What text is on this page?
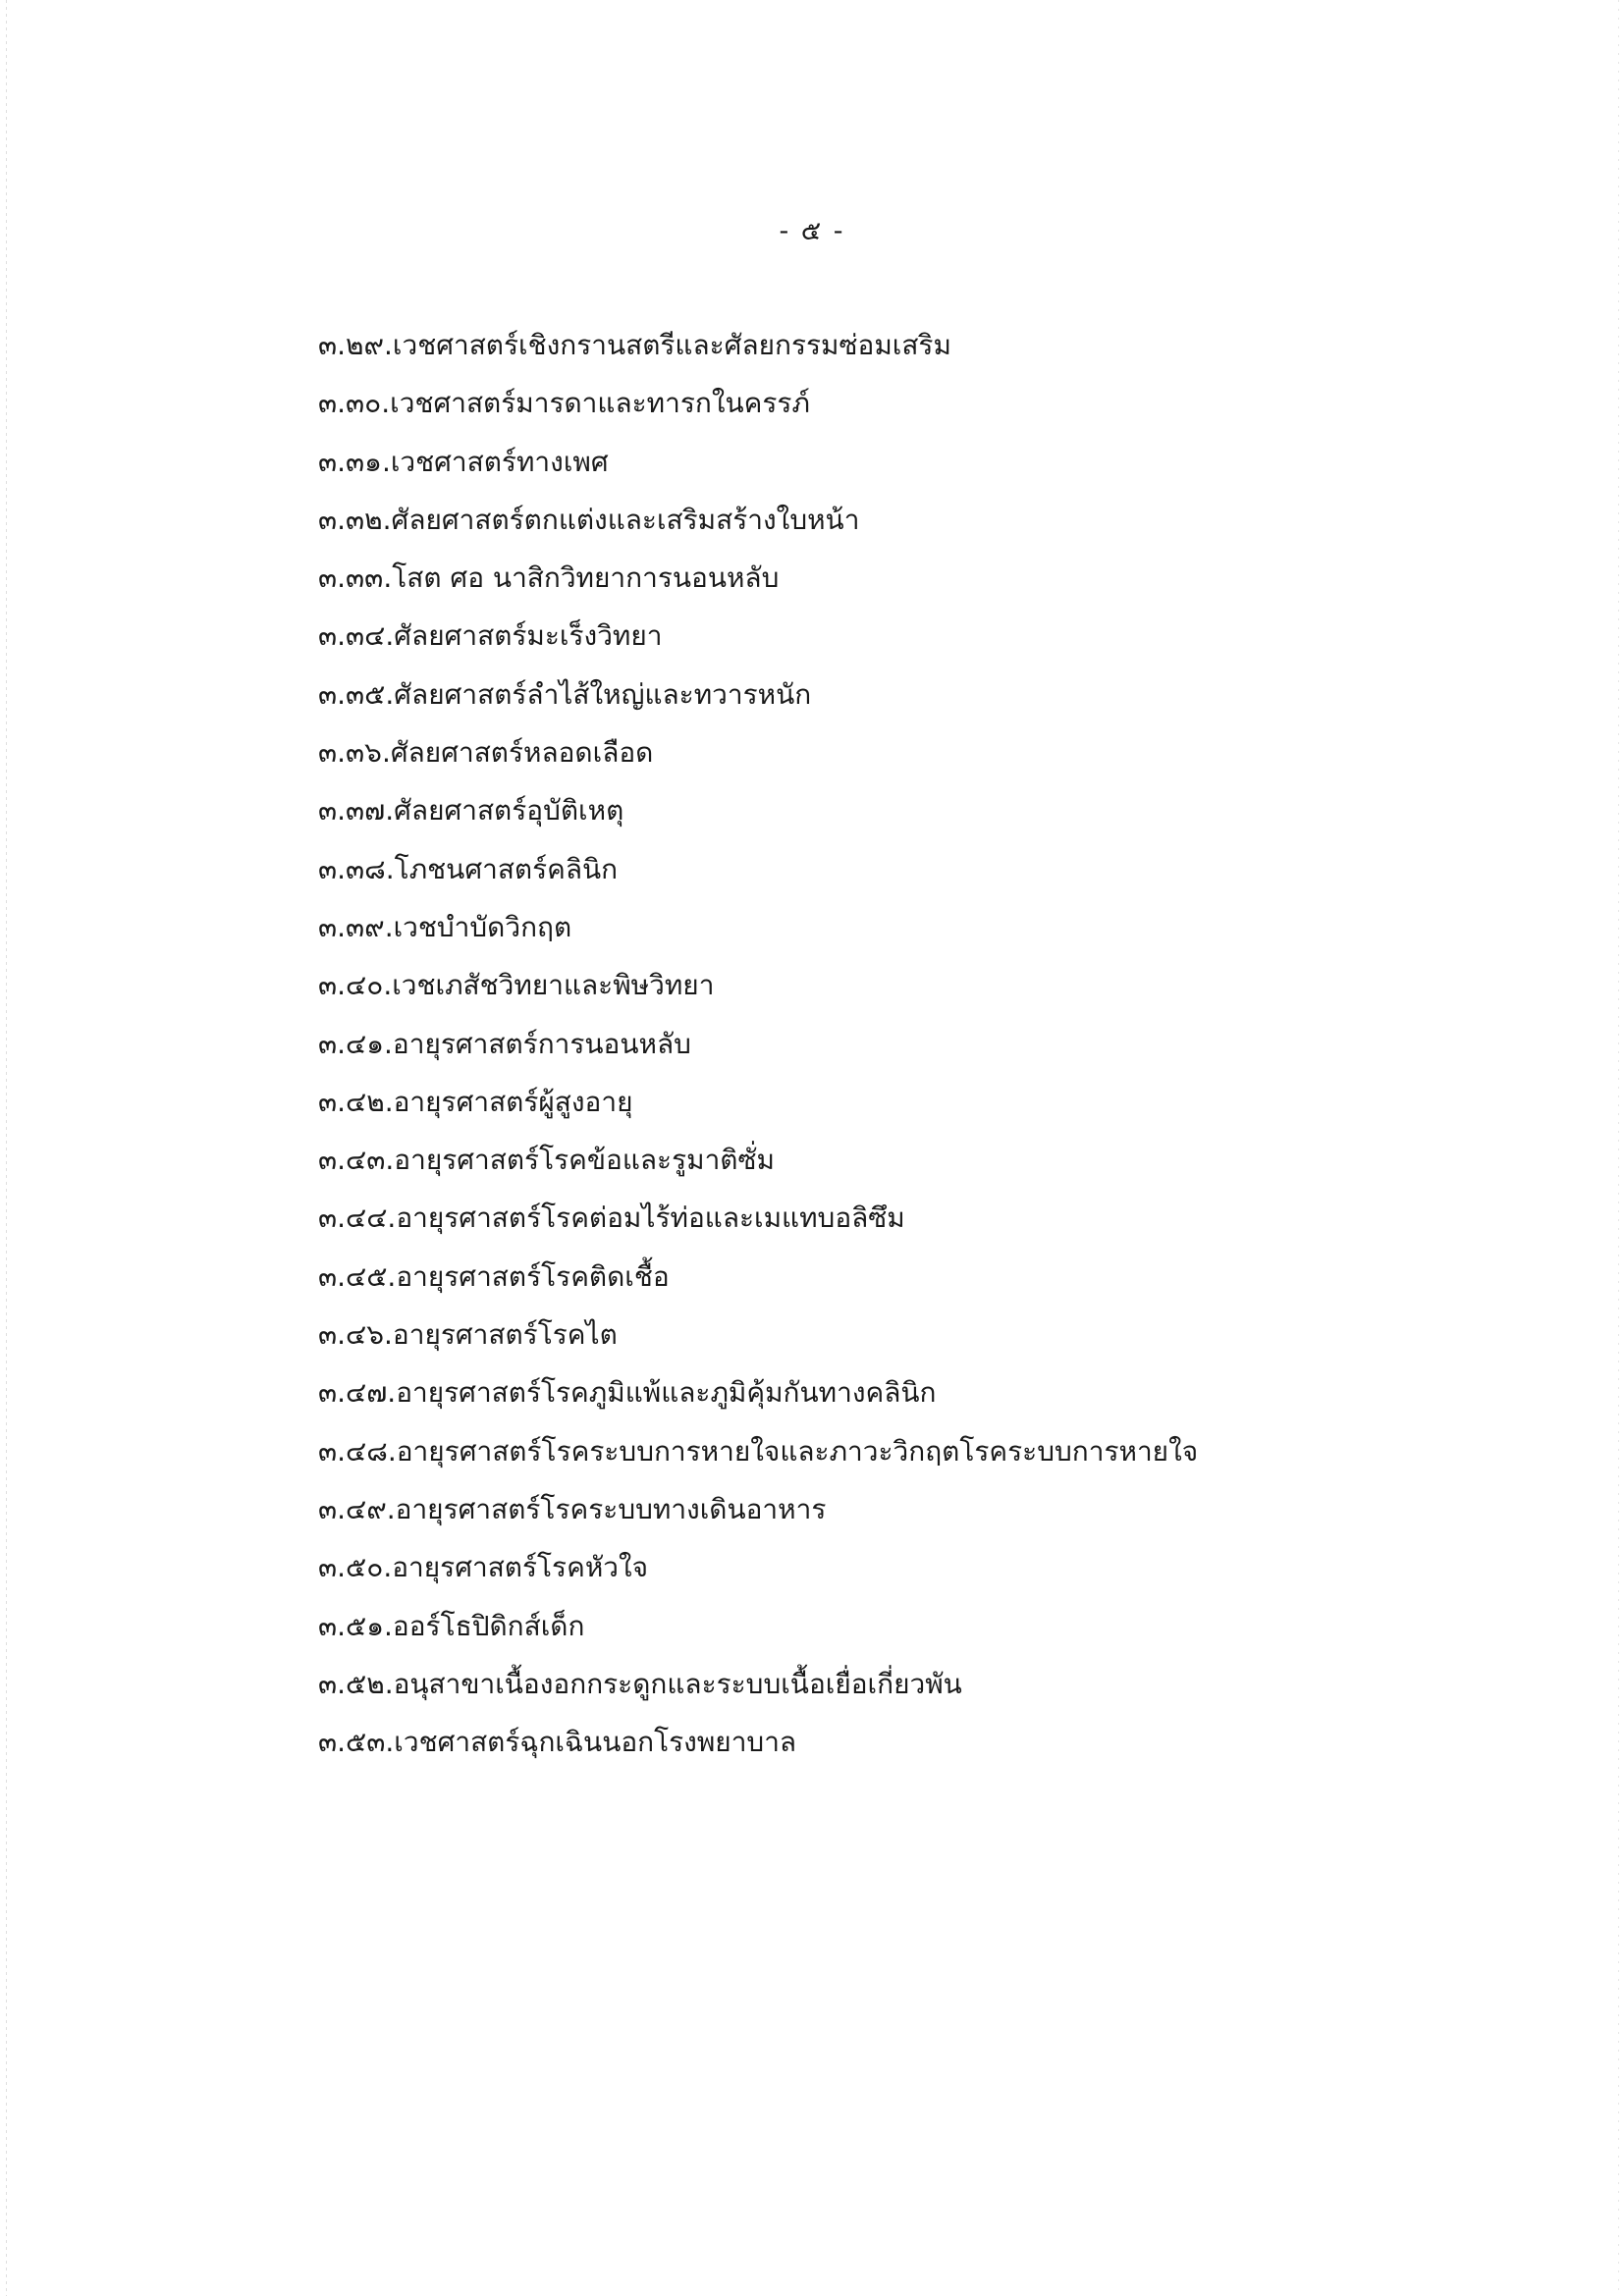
- ๕ -
๓.๒๙.เวชศาสตร์เชิงกรานสตรีและศัลยกรรมซ่อมเสริม
๓.๓๐.เวชศาสตร์มารดาและทารกในครรภ์
๓.๓๑.เวชศาสตร์ทางเพศ
๓.๓๒.ศัลยศาสตร์ตกแต่งและเสริมสร้างใบหน้า
๓.๓๓.โสต ศอ นาสิกวิทยาการนอนหลับ
๓.๓๔.ศัลยศาสตร์มะเร็งวิทยา
๓.๓๕.ศัลยศาสตร์ลำไส้ใหญ่และทวารหนัก
๓.๓๖.ศัลยศาสตร์หลอดเลือด
๓.๓๗.ศัลยศาสตร์อุบัติเหตุ
๓.๓๘.โภชนศาสตร์คลินิก
๓.๓๙.เวชบำบัดวิกฤต
๓.๔๐.เวชเภสัชวิทยาและพิษวิทยา
๓.๔๑.อายุรศาสตร์การนอนหลับ
๓.๔๒.อายุรศาสตร์ผู้สูงอายุ
๓.๔๓.อายุรศาสตร์โรคข้อและรูมาติซั่ม
๓.๔๔.อายุรศาสตร์โรคต่อมไร้ท่อและเมแทบอลิซึม
๓.๔๕.อายุรศาสตร์โรคติดเชื้อ
๓.๔๖.อายุรศาสตร์โรคไต
๓.๔๗.อายุรศาสตร์โรคภูมิแพ้และภูมิคุ้มกันทางคลินิก
๓.๔๘.อายุรศาสตร์โรคระบบการหายใจและภาวะวิกฤตโรคระบบการหายใจ
๓.๔๙.อายุรศาสตร์โรคระบบทางเดินอาหาร
๓.๕๐.อายุรศาสตร์โรคหัวใจ
๓.๕๑.ออร์โธปิดิกส์เด็ก
๓.๕๒.อนุสาขาเนื้องอกกระดูกและระบบเนื้อเยื่อเกี่ยวพัน
๓.๕๓.เวชศาสตร์ฉุกเฉินนอกโรงพยาบาล
